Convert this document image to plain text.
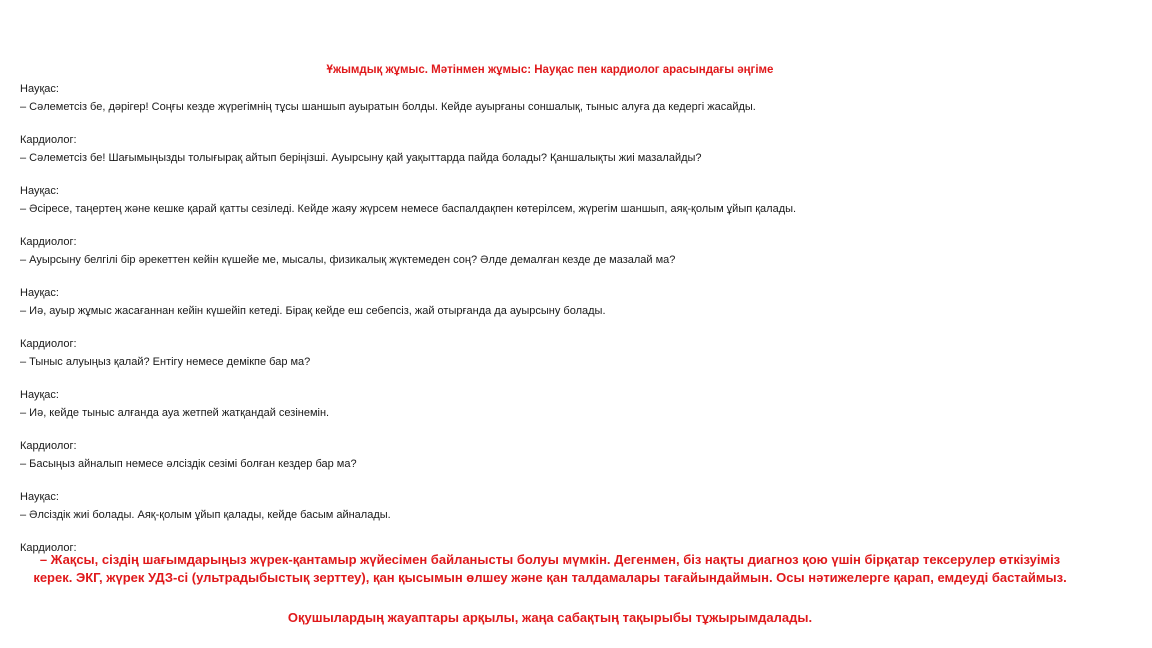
Ұжымдық жұмыс. Мәтінмен жұмыс: Науқас пен кардиолог арасындағы әңгіме
Науқас:
– Сәлеметсіз бе, дәрігер! Соңғы кезде жүрегімнің тұсы шаншып ауыратын болды. Кейде ауырғаны соншалық, тыныс алуға да кедергі жасайды.
Кардиолог:
– Сәлеметсіз бе! Шағымыңызды толығырақ айтып беріңізші. Ауырсыну қай уақыттарда пайда болады? Қаншалықты жиі мазалайды?
Науқас:
– Әсіресе, таңертең және кешке қарай қатты сезіледі. Кейде жаяу жүрсем немесе баспалдақпен көтерілсем, жүрегім шаншып, аяқ-қолым ұйып қалады.
Кардиолог:
– Ауырсыну белгілі бір әрекеттен кейін күшейе ме, мысалы, физикалық жүктемеден соң? Әлде демалған кезде де мазалай ма?
Науқас:
– Иә, ауыр жұмыс жасағаннан кейін күшейіп кетеді. Бірақ кейде еш себепсіз, жай отырғанда да ауырсыну болады.
Кардиолог:
– Тыныс алуыңыз қалай? Ентігу немесе демікпе бар ма?
Науқас:
– Иә, кейде тыныс алғанда ауа жетпей жатқандай сезінемін.
Кардиолог:
– Басыңыз айналып немесе әлсіздік сезімі болған кездер бар ма?
Науқас:
– Әлсіздік жиі болады. Аяқ-қолым ұйып қалады, кейде басым айналады.
Кардиолог:
– Жақсы, сіздің шағымдарыңыз жүрек-қантамыр жүйесімен байланысты болуы мүмкін. Дегенмен, біз нақты диагноз қою үшін бірқатар тексерулер өткізуіміз керек. ЭКГ, жүрек УДЗ-сі (ультрадыбыстық зерттеу), қан қысымын өлшеу және қан талдамалары тағайындаймын. Осы нәтижелерге қарап, емдеуді бастаймыз.
Оқушылардың жауаптары арқылы, жаңа сабақтың тақырыбы тұжырымдалады.
